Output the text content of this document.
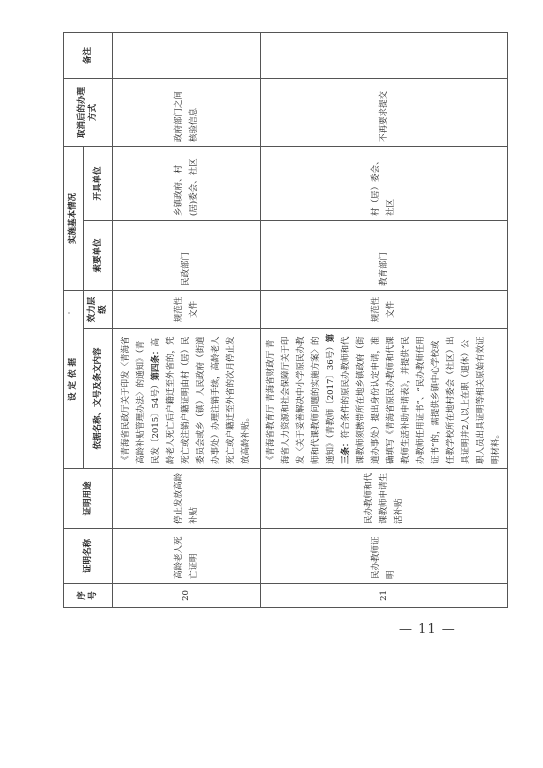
序号	证明名称	证明用途	设 定 依 据		实施基本情况		取消后的办理方式	备注
			依据名称、文号及条文内容	效力层级	索要单位	开具单位		

20	高龄老人死亡证明	停止发放高龄补贴	《青海省民政厅关于印发〈青海省高龄补贴管理办法〉的通知》（青民发〔2015〕54号）第四条：高龄老人死亡后户籍迁至外省的，凭死亡或注销户籍证明由村（居）民委员会或乡（镇）人民政府（街道办事处）办理注销手续，高龄老人死亡或户籍迁至外省的次月停止发放高龄补贴。	规范性文件	民政部门	乡镇政府、村(居)委会、社区	政府部门之间核验信息	
21	民办教师证明	民办教师和代课教师申请生活补贴	《青海省教育厅 青海省财政厅 青海省人力资源和社会保障厅关于印发〈关于妥善解决中小学原民办教师和代课教师问题的实施方案〉的通知》（青教师〔2017〕36号）第三条：符合条件的原民办教师和代课教师须携带所在地乡镇政府（街道办事处）提出身份认定申请，准确填写《青海省原民办教师和代课教师生活补助申请表》，并提供“民办教师任用证书”、“民办教师任用证书”的，需提供乡镇中心学校或任教学校所在地村委会（社区）出具证明并2人以上在职（退休）公职人员出具证明等相关原始有效证明材料。	规范性文件	教育部门	村（居）委会、社区	不再要求提交	
— 11 —
